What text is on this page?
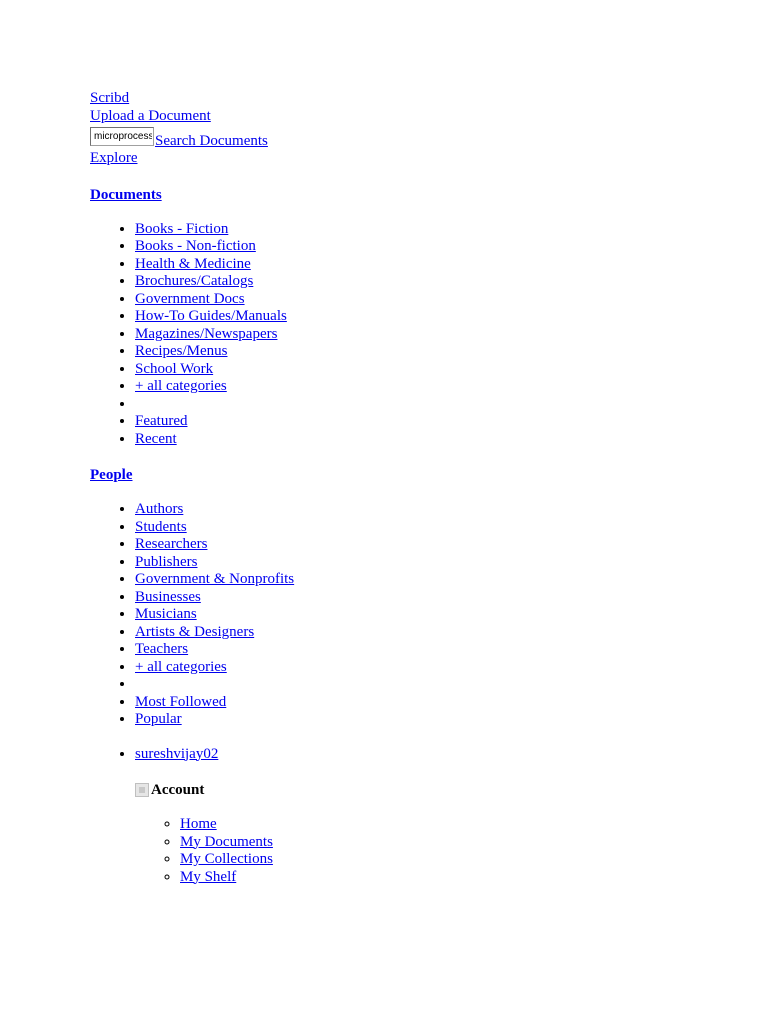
Scribd
Upload a Document
microprocessor
Search Documents
Explore
Documents
• Books - Fiction
• Books - Non-fiction
• Health & Medicine
• Brochures/Catalogs
• Government Docs
• How-To Guides/Manuals
• Magazines/Newspapers
• Recipes/Menus
• School Work
• + all categories
•
• Featured
• Recent
People
• Authors
• Students
• Researchers
• Publishers
• Government & Nonprofits
• Businesses
• Musicians
• Artists & Designers
• Teachers
• + all categories
•
• Most Followed
• Popular
• sureshvijay02
Account
◦ Home
◦ My Documents
◦ My Collections
◦ My Shelf
